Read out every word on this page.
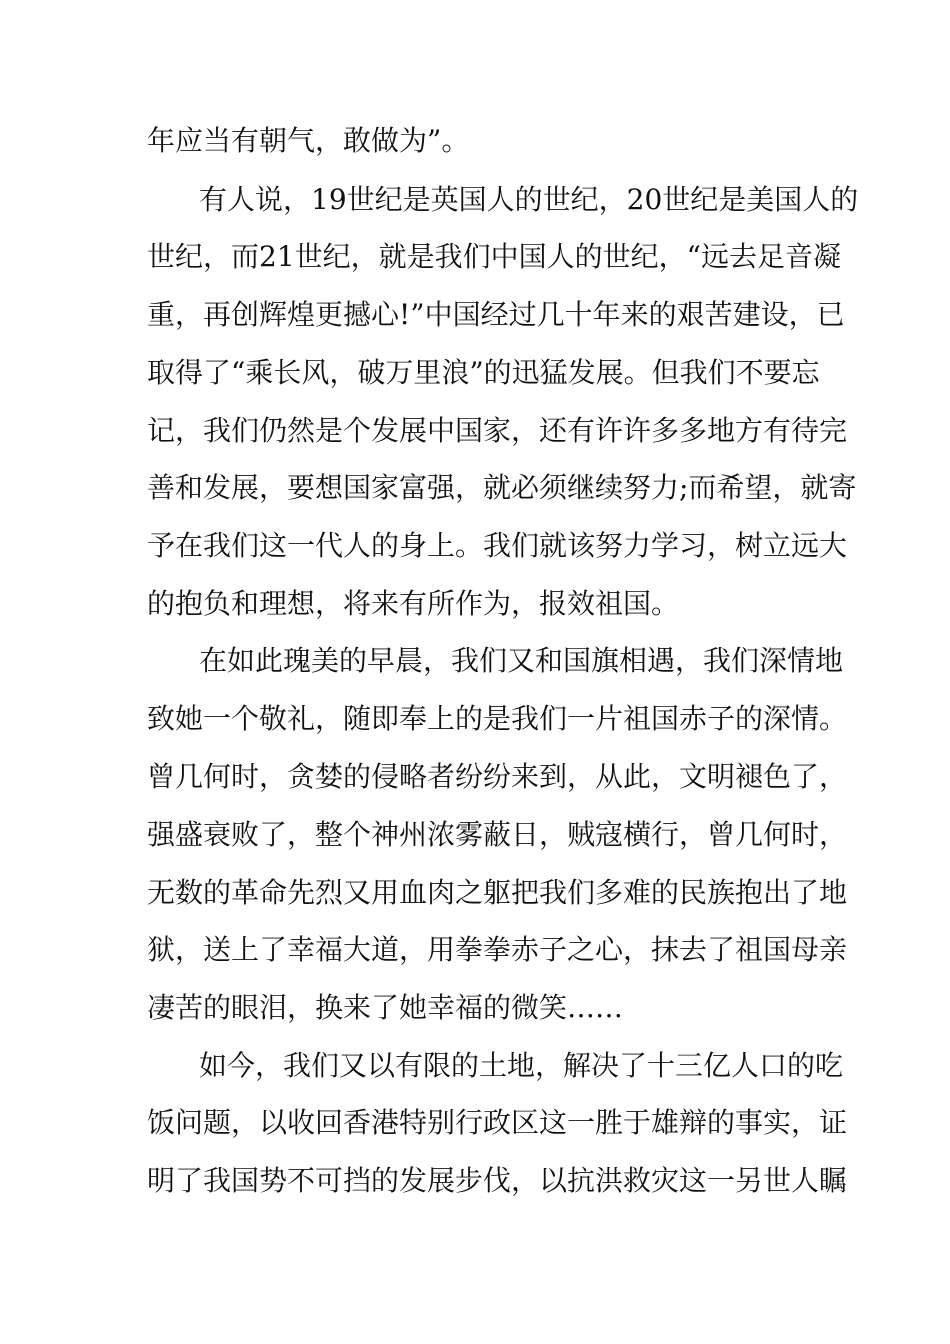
年应当有朝气，敢做为”。
有人说，19世纪是英国人的世纪，20世纪是美国人的
世纪，而21世纪，就是我们中国人的世纪，“远去足音凝
重，再创辉煌更撼心!”中国经过几十年来的艰苦建设，已
取得了“乘长风，破万里浪”的迅猛发展。但我们不要忘
记，我们仍然是个发展中国家，还有许许多多地方有待完
善和发展，要想国家富强，就必须继续努力;而希望，就寄
予在我们这一代人的身上。我们就该努力学习，树立远大
的抱负和理想，将来有所作为，报效祖国。
在如此瑰美的早晨，我们又和国旗相遇，我们深情地
致她一个敬礼，随即奉上的是我们一片祖国赤子的深情。
曾几何时，贪婪的侵略者纷纷来到，从此，文明褪色了，
强盛衰败了，整个神州浓雾蔽日，贼寇横行，曾几何时，
无数的革命先烈又用血肉之躯把我们多难的民族抱出了地
狱，送上了幸福大道，用拳拳赤子之心，抹去了祖国母亲
凄苦的眼泪，换来了她幸福的微笑……
如今，我们又以有限的土地，解决了十三亿人口的吃
饭问题，以收回香港特别行政区这一胜于雄辩的事实，证
明了我国势不可挡的发展步伐，以抗洪救灾这一另世人瞩
